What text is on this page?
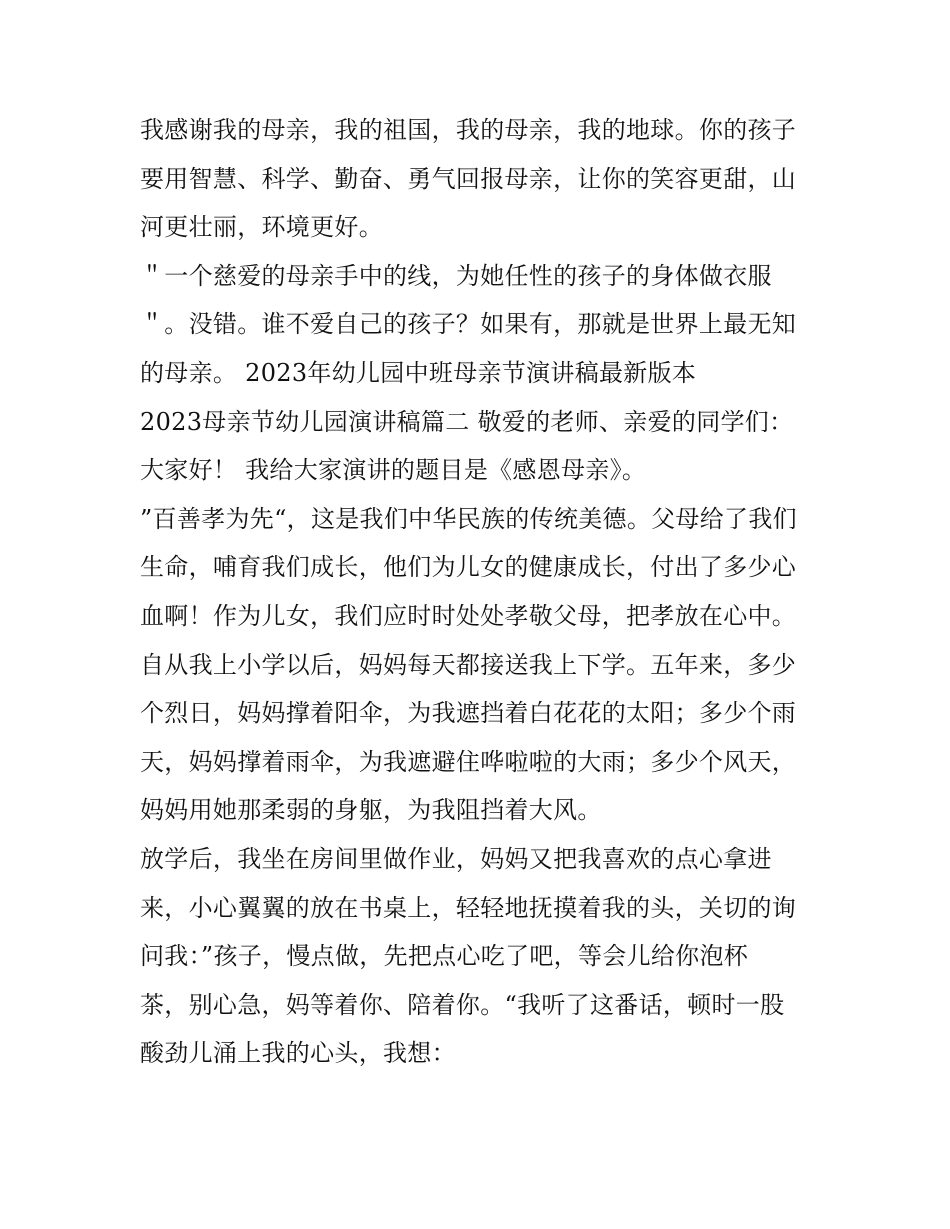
我感谢我的母亲，我的祖国，我的母亲，我的地球。你的孩子
要用智慧、科学、勤奋、勇气回报母亲，让你的笑容更甜，山
河更壮丽，环境更好。
＂一个慈爱的母亲手中的线，为她任性的孩子的身体做衣服
＂。没错。谁不爱自己的孩子？如果有，那就是世界上最无知
的母亲。 2023年幼儿园中班母亲节演讲稿最新版本
2023母亲节幼儿园演讲稿篇二 敬爱的老师、亲爱的同学们：
大家好！ 我给大家演讲的题目是《感恩母亲》。
”百善孝为先“，这是我们中华民族的传统美德。父母给了我们
生命，哺育我们成长，他们为儿女的健康成长，付出了多少心
血啊！作为儿女，我们应时时处处孝敬父母，把孝放在心中。
自从我上小学以后，妈妈每天都接送我上下学。五年来，多少
个烈日，妈妈撑着阳伞，为我遮挡着白花花的太阳；多少个雨
天，妈妈撑着雨伞，为我遮避住哗啦啦的大雨；多少个风天，
妈妈用她那柔弱的身躯，为我阻挡着大风。
放学后，我坐在房间里做作业，妈妈又把我喜欢的点心拿进
来，小心翼翼的放在书桌上，轻轻地抚摸着我的头，关切的询
问我：”孩子，慢点做，先把点心吃了吧，等会儿给你泡杯
茶，别心急，妈等着你、陪着你。“我听了这番话，顿时一股
酸劲儿涌上我的心头，我想：
